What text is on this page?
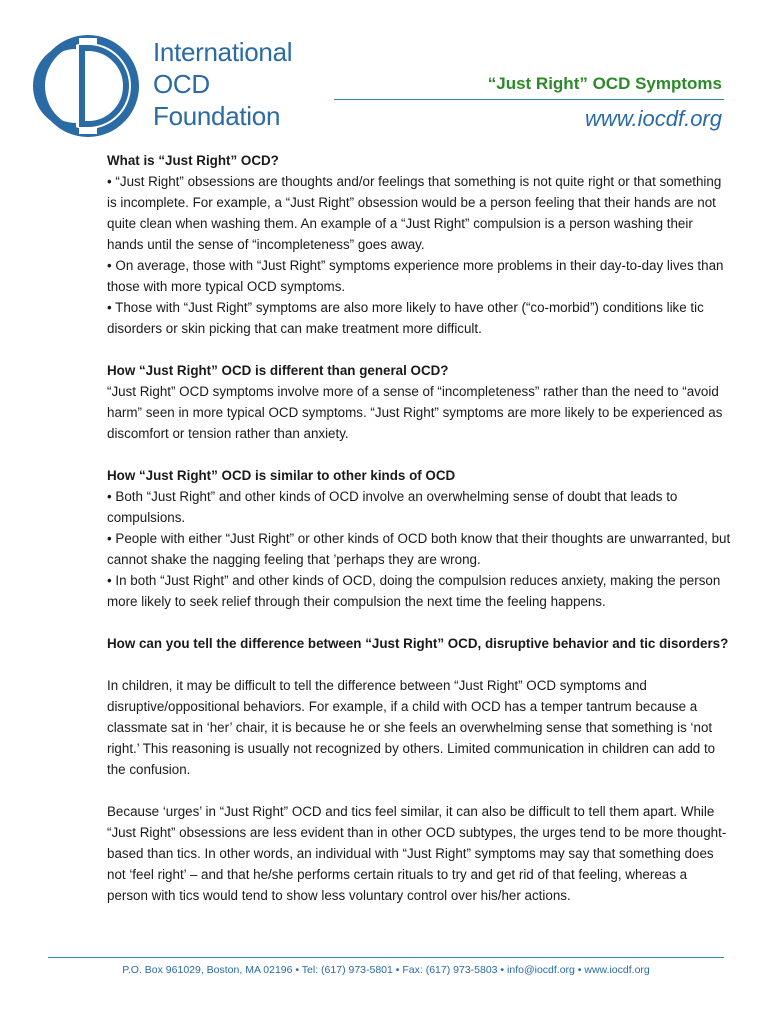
International
OCD
Foundation
“Just Right” OCD Symptoms
www.iocdf.org
What is “Just Right” OCD?

• “Just Right” obsessions are thoughts and/or feelings that something is not quite right or that something is incomplete. For example, a “Just Right” obsession would be a person feeling that their hands are not quite clean when washing them. An example of a “Just Right” compulsion is a person washing their hands until the sense of “incompleteness” goes away.

• On average, those with “Just Right” symptoms experience more problems in their day-to-day lives than those with more typical OCD symptoms.

• Those with “Just Right” symptoms are also more likely to have other (“co-morbid”) conditions like tic disorders or skin picking that can make treatment more difficult.

How “Just Right” OCD is different than general OCD?

“Just Right” OCD symptoms involve more of a sense of “incompleteness” rather than the need to “avoid harm” seen in more typical OCD symptoms. “Just Right” symptoms are more likely to be experienced as discomfort or tension rather than anxiety.

How “Just Right” OCD is similar to other kinds of OCD

• Both “Just Right” and other kinds of OCD involve an overwhelming sense of doubt that leads to compulsions.

• People with either “Just Right” or other kinds of OCD both know that their thoughts are unwarranted, but cannot shake the nagging feeling that ’perhaps they are wrong.

• In both “Just Right” and other kinds of OCD, doing the compulsion reduces anxiety, making the person more likely to seek relief through their compulsion the next time the feeling happens.

How can you tell the difference between “Just Right” OCD, disruptive behavior and tic disorders?

In children, it may be difficult to tell the difference between “Just Right” OCD symptoms and disruptive/oppositional behaviors. For example, if a child with OCD has a temper tantrum because a classmate sat in ‘her’ chair, it is because he or she feels an overwhelming sense that something is ‘not right.’ This reasoning is usually not recognized by others. Limited communication in children can add to the confusion.

Because ‘urges’ in “Just Right” OCD and tics feel similar, it can also be difficult to tell them apart. While “Just Right” obsessions are less evident than in other OCD subtypes, the urges tend to be more thought-based than tics. In other words, an individual with “Just Right” symptoms may say that something does not ‘feel right’ – and that he/she performs certain rituals to try and get rid of that feeling, whereas a person with tics would tend to show less voluntary control over his/her actions.

P.O. Box 961029, Boston, MA 02196 • Tel: (617) 973-5801 • Fax: (617) 973-5803 • info@iocdf.org • www.iocdf.org
